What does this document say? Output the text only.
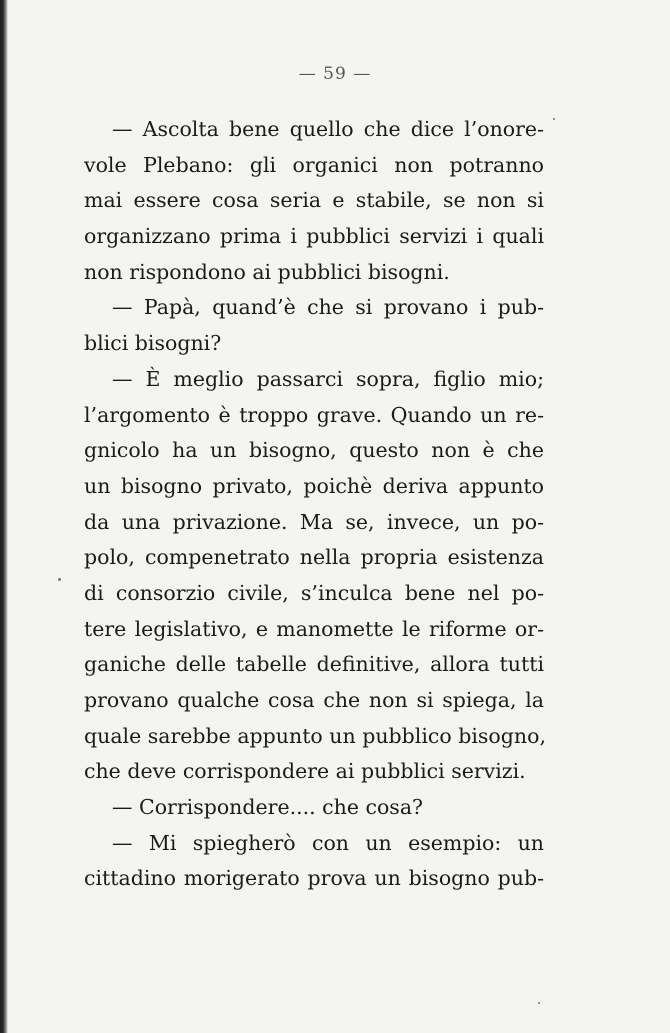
— 59 —
— Ascolta bene quello che dice l’onore-
vole Plebano: gli organici non potranno
mai essere cosa seria e stabile, se non si
organizzano prima i pubblici servizi i quali
non rispondono ai pubblici bisogni.
— Papà, quand’è che si provano i pub-
blici bisogni?
— È meglio passarci sopra, figlio mio;
l’argomento è troppo grave. Quando un re-
gnicolo ha un bisogno, questo non è che
un bisogno privato, poichè deriva appunto
da una privazione. Ma se, invece, un po-
polo, compenetrato nella propria esistenza
di consorzio civile, s’inculca bene nel po-
tere legislativo, e manomette le riforme or-
ganiche delle tabelle definitive, allora tutti
provano qualche cosa che non si spiega, la
quale sarebbe appunto un pubblico bisogno,
che deve corrispondere ai pubblici servizi.
— Corrispondere.... che cosa?
— Mi spiegherò con un esempio: un
cittadino morigerato prova un bisogno pub-
